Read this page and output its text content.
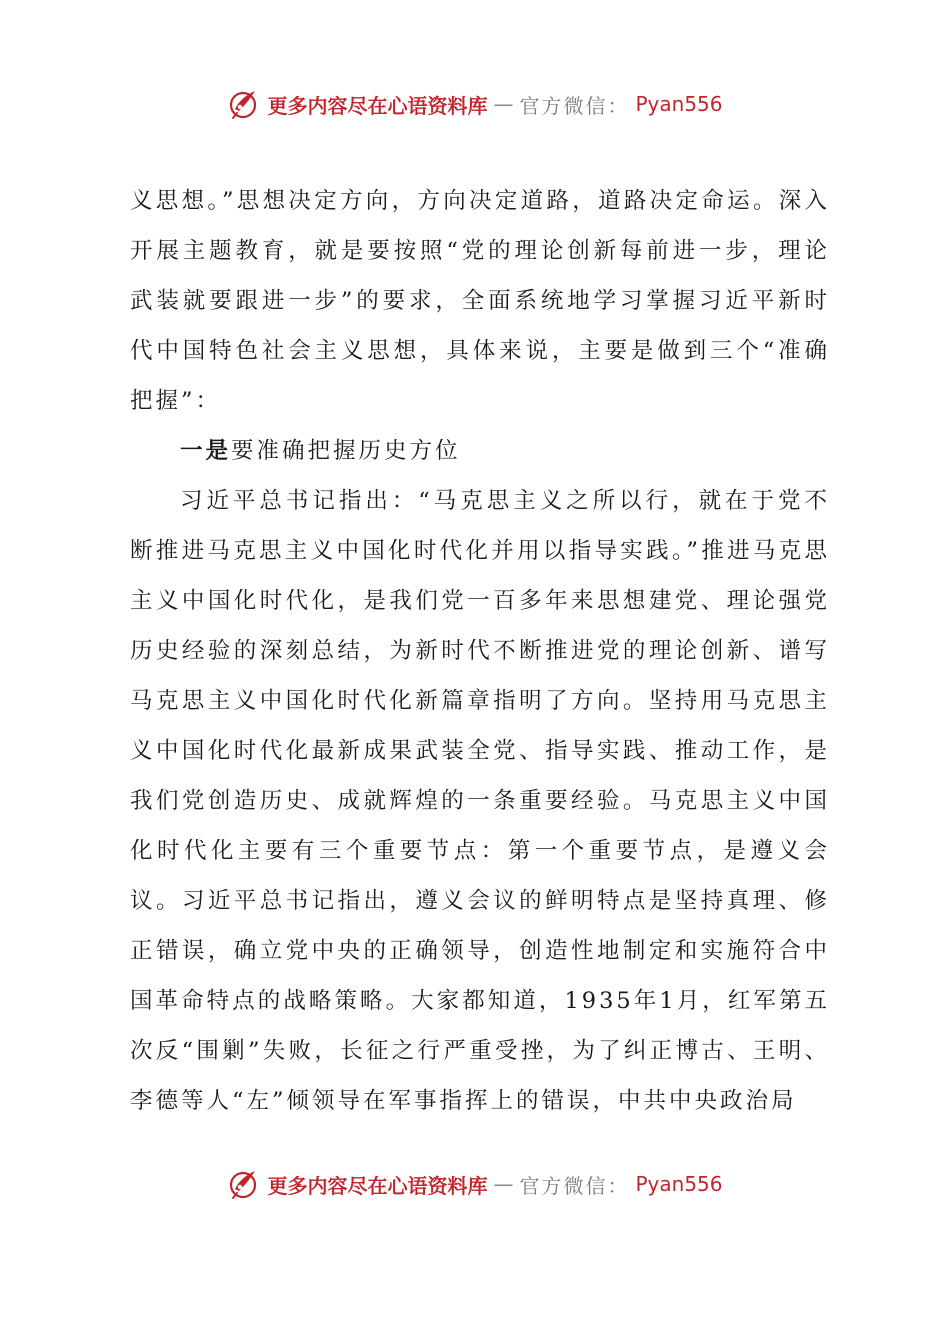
更多内容尽在心语资料库 — 官方微信： Pyan556

义思想。”思想决定方向，方向决定道路，道路决定命运。深入开展主题教育，就是要按照“党的理论创新每前进一步，理论武装就要跟进一步”的要求，全面系统地学习掌握习近平新时代中国特色社会主义思想，具体来说，主要是做到三个“准确把握”：

一是要准确把握历史方位

习近平总书记指出：“马克思主义之所以行，就在于党不断推进马克思主义中国化时代化并用以指导实践。”推进马克思主义中国化时代化，是我们党一百多年来思想建党、理论强党历史经验的深刻总结，为新时代不断推进党的理论创新、谱写马克思主义中国化时代化新篇章指明了方向。坚持用马克思主义中国化时代化最新成果武装全党、指导实践、推动工作，是我们党创造历史、成就辉煌的一条重要经验。马克思主义中国化时代化主要有三个重要节点：第一个重要节点，是遵义会议。习近平总书记指出，遵义会议的鲜明特点是坚持真理、修正错误，确立党中央的正确领导，创造性地制定和实施符合中国革命特点的战略策略。大家都知道，1935年1月，红军第五次反“围剿”失败，长征之行严重受挫，为了纠正博古、王明、李德等人“左”倾领导在军事指挥上的错误，中共中央政治局

更多内容尽在心语资料库 — 官方微信： Pyan556
